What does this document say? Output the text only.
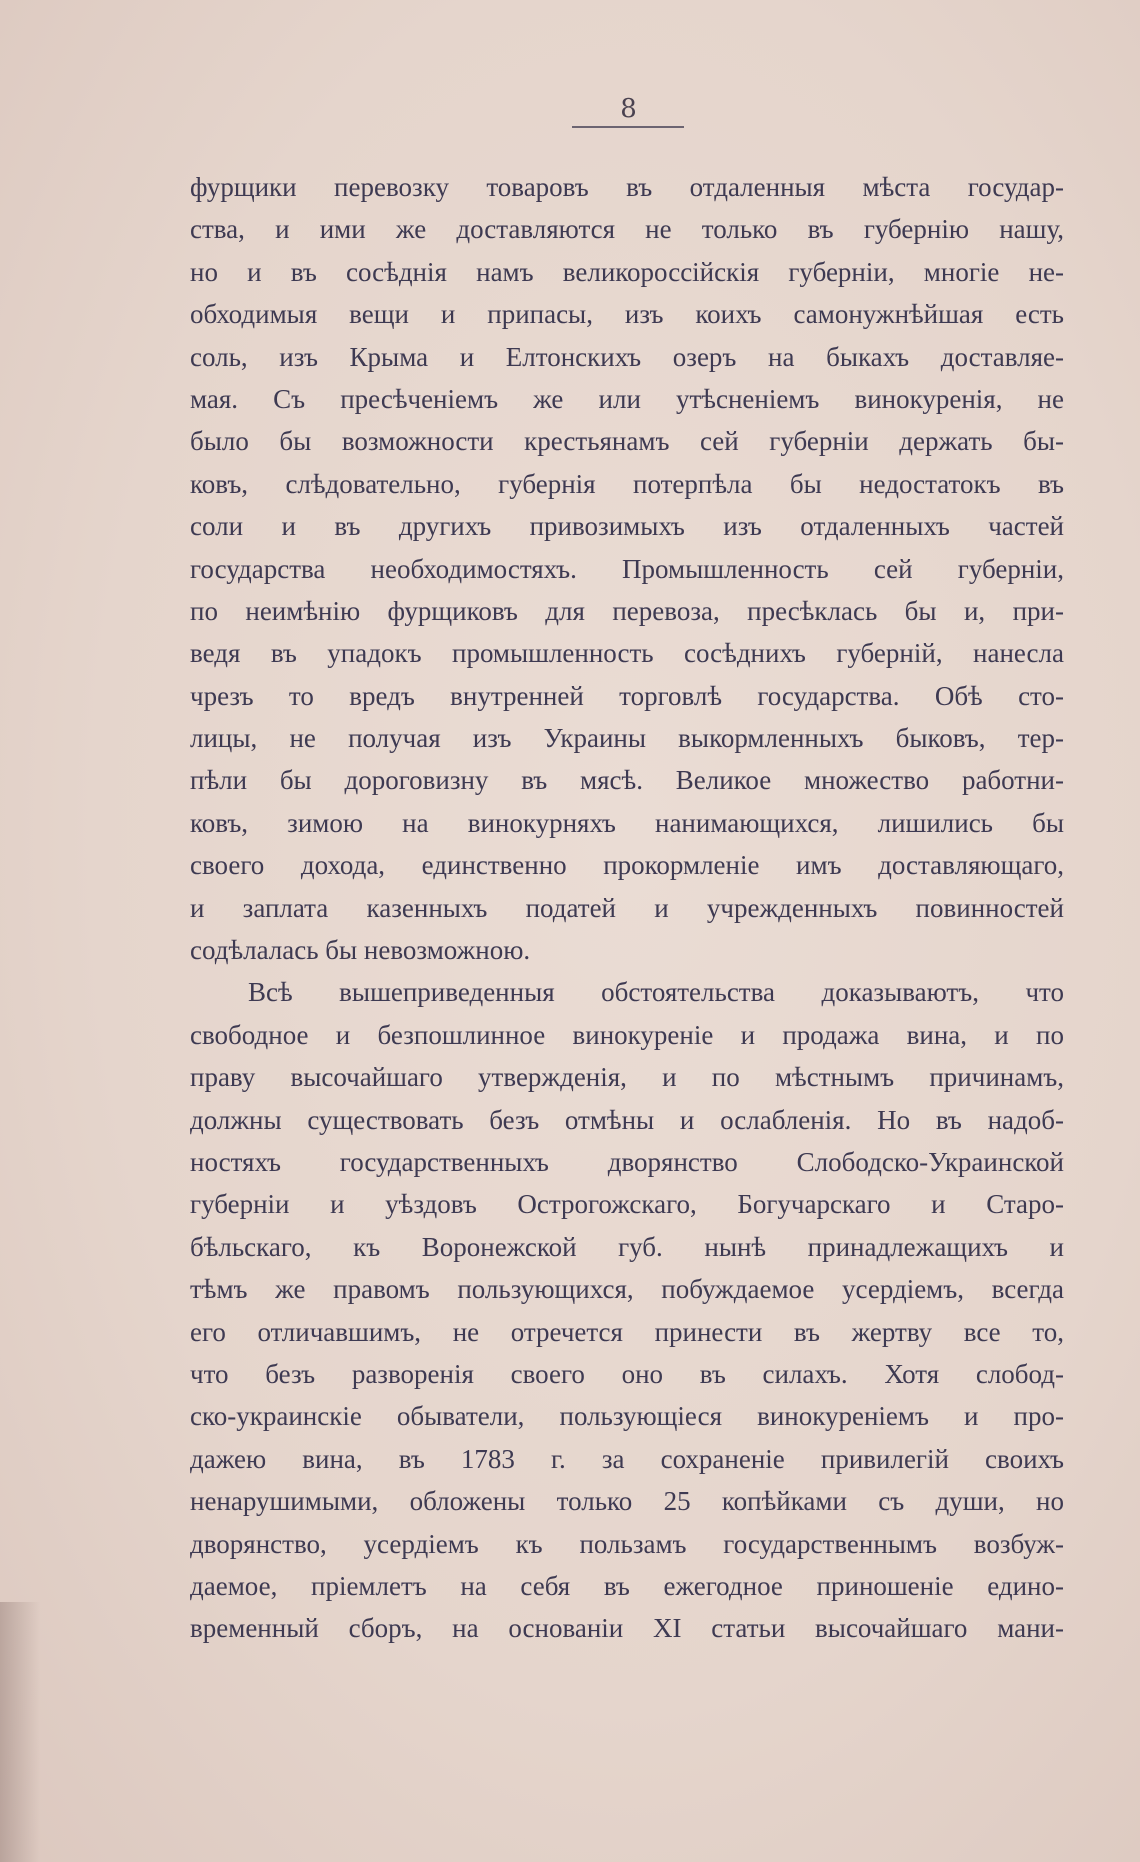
8
фурщики перевозку товаровъ въ отдаленныя мѣста государ-
ства, и ими же доставляются не только въ губернію нашу,
но и въ сосѣднія намъ великороссійскія губерніи, многіе не-
обходимыя вещи и припасы, изъ коихъ самонужнѣйшая есть
соль, изъ Крыма и Елтонскихъ озеръ на быкахъ доставляе-
мая. Съ пресѣченіемъ же или утѣсненіемъ винокуренія, не
было бы возможности крестьянамъ сей губерніи держать бы-
ковъ, слѣдовательно, губернія потерпѣла бы недостатокъ въ
соли и въ другихъ привозимыхъ изъ отдаленныхъ частей
государства необходимостяхъ. Промышленность сей губерніи,
по неимѣнію фурщиковъ для перевоза, пресѣклась бы и, при-
ведя въ упадокъ промышленность сосѣднихъ губерній, нанесла
чрезъ то вредъ внутренней торговлѣ государства. Обѣ сто-
лицы, не получая изъ Украины выкормленныхъ быковъ, тер-
пѣли бы дороговизну въ мясѣ. Великое множество работни-
ковъ, зимою на винокурняхъ нанимающихся, лишились бы
своего дохода, единственно прокормленіе имъ доставляющаго,
и заплата казенныхъ податей и учрежденныхъ повинностей
содѣлалась бы невозможною.
Всѣ вышеприведенныя обстоятельства доказываютъ, что
свободное и безпошлинное винокуреніе и продажа вина, и по
праву высочайшаго утвержденія, и по мѣстнымъ причинамъ,
должны существовать безъ отмѣны и ослабленія. Но въ надоб-
ностяхъ государственныхъ дворянство Слободско-Украинской
губерніи и уѣздовъ Острогожскаго, Богучарскаго и Старо-
бѣльскаго, къ Воронежской губ. нынѣ принадлежащихъ и
тѣмъ же правомъ пользующихся, побуждаемое усердіемъ, всегда
его отличавшимъ, не отречется принести въ жертву все то,
что безъ разворенія своего оно въ силахъ. Хотя слобод-
ско-украинскіе обыватели, пользующіеся винокуреніемъ и про-
дажею вина, въ 1783 г. за сохраненіе привилегій своихъ
ненарушимыми, обложены только 25 копѣйками съ души, но
дворянство, усердіемъ къ пользамъ государственнымъ возбуж-
даемое, пріемлетъ на себя въ ежегодное приношеніе едино-
временный сборъ, на основаніи XI статьи высочайшаго мани-
